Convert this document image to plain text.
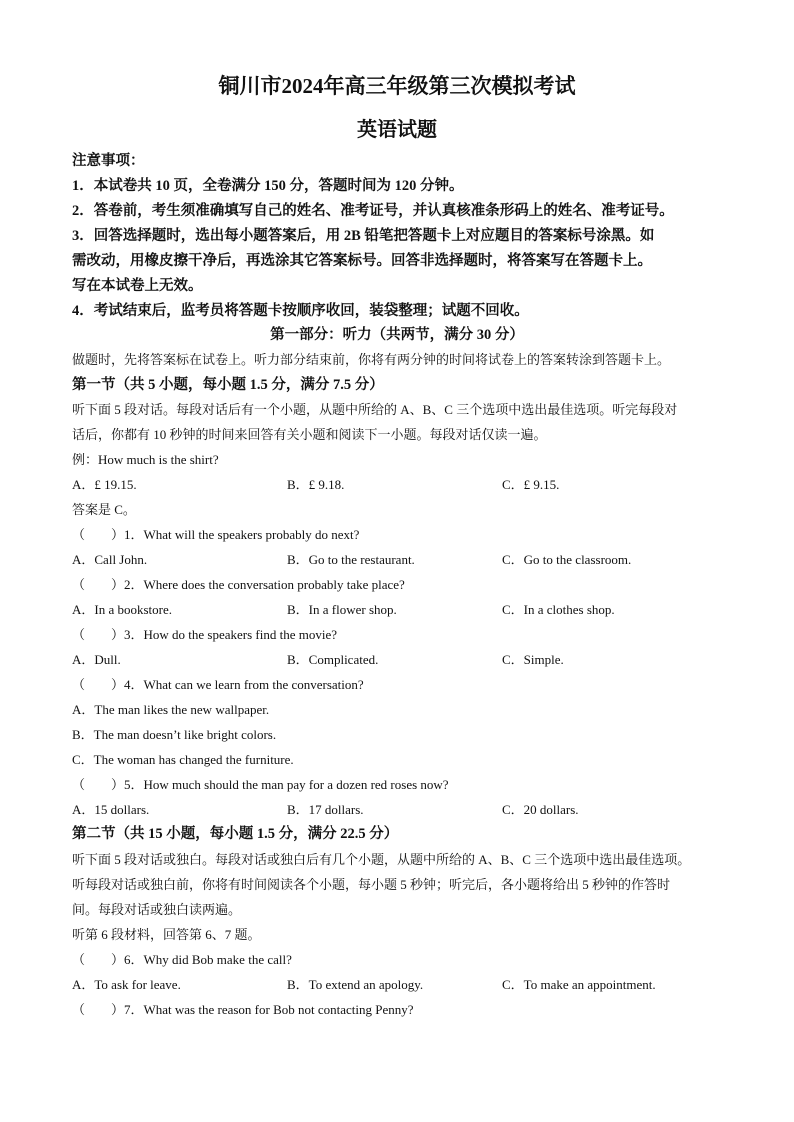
铜川市2024年高三年级第三次模拟考试
英语试题
注意事项：
1．本试卷共 10 页，全卷满分 150 分，答题时间为 120 分钟。
2．答卷前，考生须准确填写自己的姓名、准考证号，并认真核准条形码上的姓名、准考证号。
3．回答选择题时，选出每小题答案后，用 2B 铅笔把答题卡上对应题目的答案标号涂黑。如
需改动，用橡皮擦干净后，再选涂其它答案标号。回答非选择题时，将答案写在答题卡上。
写在本试卷上无效。
4．考试结束后，监考员将答题卡按顺序收回，装袋整理；试题不回收。
第一部分：听力（共两节，满分 30 分）
做题时，先将答案标在试卷上。听力部分结束前，你将有两分钟的时间将试卷上的答案转涂到答题卡上。
第一节（共 5 小题，每小题 1.5 分，满分 7.5 分）
听下面 5 段对话。每段对话后有一个小题，从题中所给的 A、B、C 三个选项中选出最佳选项。听完每段对
话后，你都有 10 秒钟的时间来回答有关小题和阅读下一小题。每段对话仅读一遍。
例：How much is the shirt?
A．£ 19.15.	B．£ 9.18.	C．£ 9.15.
答案是 C。
（　　）1．What will the speakers probably do next?
A．Call John.	B．Go to the restaurant.	C．Go to the classroom.
（　　）2．Where does the conversation probably take place?
A．In a bookstore.	B．In a flower shop.	C．In a clothes shop.
（　　）3．How do the speakers find the movie?
A．Dull.	B．Complicated.	C．Simple.
（　　）4．What can we learn from the conversation?
A．The man likes the new wallpaper.
B．The man doesn’t like bright colors.
C．The woman has changed the furniture.
（　　）5．How much should the man pay for a dozen red roses now?
A．15 dollars.	B．17 dollars.	C．20 dollars.
第二节（共 15 小题，每小题 1.5 分，满分 22.5 分）
听下面 5 段对话或独白。每段对话或独白后有几个小题，从题中所给的 A、B、C 三个选项中选出最佳选项。
听每段对话或独白前，你将有时间阅读各个小题，每小题 5 秒钟；听完后，各小题将给出 5 秒钟的作答时
间。每段对话或独白读两遍。
听第 6 段材料，回答第 6、7 题。
（　　）6．Why did Bob make the call?
A．To ask for leave.	B．To extend an apology.	C．To make an appointment.
（　　）7．What was the reason for Bob not contacting Penny?
